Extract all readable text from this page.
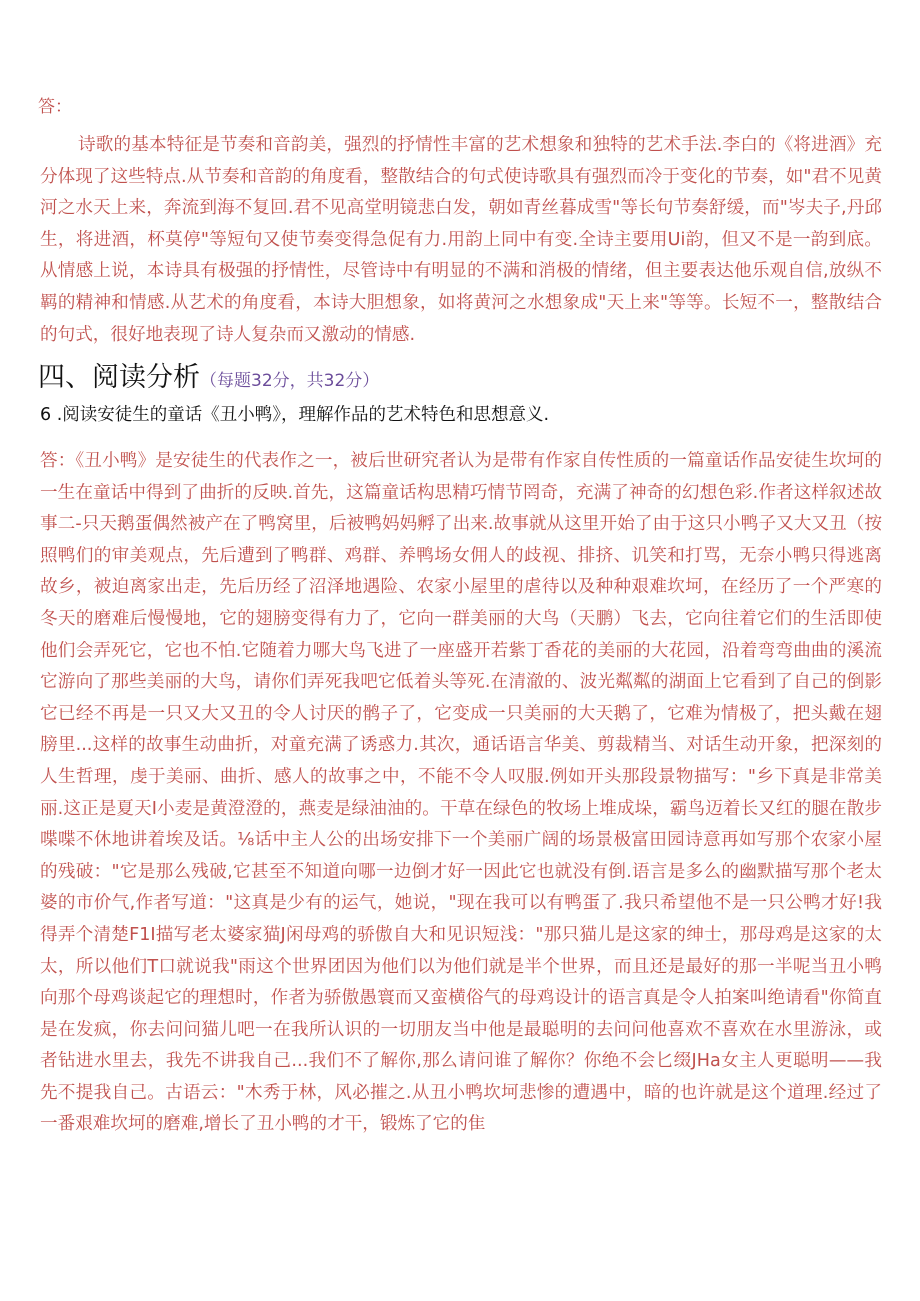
答：

诗歌的基本特征是节奏和音韵美，强烈的抒情性丰富的艺术想象和独特的艺术手法.李白的《将进酒》充分体现了这些特点.从节奏和音韵的角度看，整散结合的句式使诗歌具有强烈而冷于变化的节奏，如"君不见黄河之水天上来，奔流到海不复回.君不见高堂明镜悲白发，朝如青丝暮成雪"等长句节奏舒缓，而"岑夫子,丹邱生，将进酒，杯莫停"等短句又使节奏变得急促有力.用韵上同中有变.全诗主要用Ui韵，但又不是一韵到底。从情感上说，本诗具有极强的抒情性，尽管诗中有明显的不满和消极的情绪，但主要表达他乐观自信,放纵不羁的精神和情感.从艺术的角度看，本诗大胆想象，如将黄河之水想象成"天上来"等等。长短不一，整散结合的句式，很好地表现了诗人复杂而又激动的情感.

四、阅读分析（每题32分，共32分）
6 .阅读安徒生的童话《丑小鸭》，理解作品的艺术特色和思想意义.

答：《丑小鸭》是安徒生的代表作之一，被后世研究者认为是带有作家自传性质的一篇童话作品安徒生坎坷的一生在童话中得到了曲折的反映.首先，这篇童话构思精巧情节罔奇，充满了神奇的幻想色彩.作者这样叙述故事二-只天鹅蛋偶然被产在了鸭窝里，后被鸭妈妈孵了出来.故事就从这里开始了由于这只小鸭子又大又丑（按照鸭们的审美观点，先后遭到了鸭群、鸡群、养鸭场女佣人的歧视、排挤、讥笑和打骂，无奈小鸭只得逃离故乡，被迫离家出走，先后历经了沼泽地遇险、农家小屋里的虐待以及种种艰难坎坷，在经历了一个严寒的冬天的磨难后慢慢地，它的翅膀变得有力了，它向一群美丽的大鸟（天鹏）飞去，它向往着它们的生活即使他们会弄死它，它也不怕.它随着力哪大鸟飞进了一座盛开若紫丁香花的美丽的大花园，沿着弯弯曲曲的溪流它游向了那些美丽的大鸟，请你们弄死我吧它低着头等死.在清澈的、波光粼粼的湖面上它看到了自己的倒影它已经不再是一只又大又丑的令人讨厌的鹘子了，它变成一只美丽的大天鹅了，它难为情极了，把头戴在翅膀里...这样的故事生动曲折，对童充满了诱惑力.其次，通话语言华美、剪裁精当、对话生动开象，把深刻的人生哲理，虔于美丽、曲折、感人的故事之中，不能不令人叹服.例如开头那段景物描写："乡下真是非常美丽.这正是夏天I小麦是黄澄澄的，燕麦是绿油油的。干草在绿色的牧场上堆成垛，霸鸟迈着长又红的腿在散步喋喋不休地讲着埃及话。⅛话中主人公的出场安排下一个美丽广阔的场景极富田园诗意再如写那个农家小屋的残破："它是那么残破,它甚至不知道向哪一边倒才好一因此它也就没有倒.语言是多么的幽默描写那个老太婆的市价气,作者写道："这真是少有的运气，她说，"现在我可以有鸭蛋了.我只希望他不是一只公鸭才好!我得弄个清楚F1I描写老太婆家猫J闲母鸡的骄傲自大和见识短浅："那只猫儿是这家的绅士，那母鸡是这家的太太，所以他们T口就说我"雨这个世界团因为他们以为他们就是半个世界，而且还是最好的那一半呢当丑小鸭向那个母鸡谈起它的理想时，作者为骄傲愚寰而又蛮横俗气的母鸡设计的语言真是令人拍案叫绝请看"你简直是在发疯，你去问问猫儿吧一在我所认识的一切朋友当中他是最聪明的去问问他喜欢不喜欢在水里游泳，或者钻进水里去，我先不讲我自己...我们不了解你,那么请问谁了解你？你绝不会匕缀JHa女主人更聪明——我先不提我自己。古语云："木秀于林，风必摧之.从丑小鸭坎坷悲惨的遭遇中，暗的也许就是这个道理.经过了一番艰难坎坷的磨难,增长了丑小鸭的才干，锻炼了它的隹
